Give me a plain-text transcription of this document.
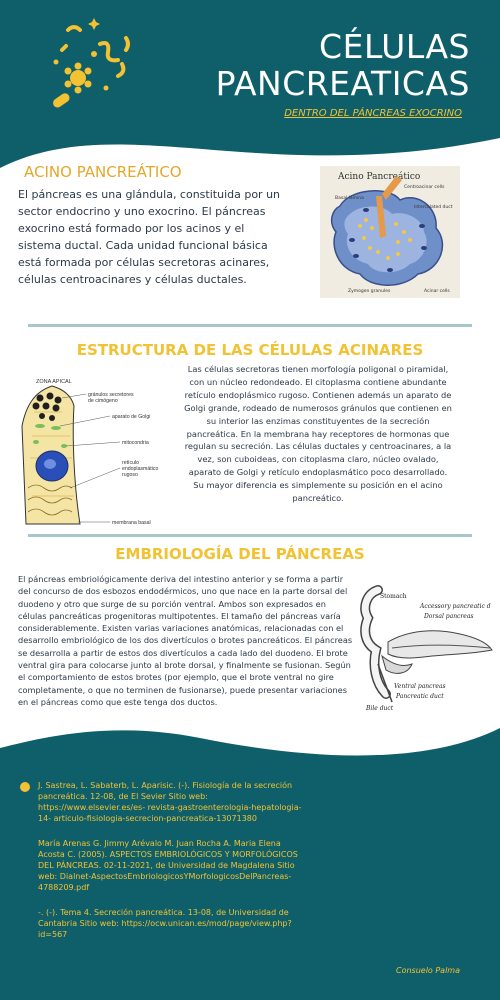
CÉLULAS
PANCREATICAS
DENTRO DEL PÁNCREAS EXOCRINO
ACINO PANCREÁTICO
El páncreas es una glándula, constituida por un sector endocrino y uno exocrino. El páncreas exocrino está formado por los acinos y el sistema ductal. Cada unidad funcional básica está formada por células secretoras acinares, células centroacinares y células ductales.
Acino Pancreático
Basal lamina
Centroacinar cells
Intercalated duct
Zymogen granules	Acinar cells
ESTRUCTURA DE LAS CÉLULAS ACINARES
ZONA APICAL
gránulos secretores de cimógeno
aparato de Golgi
mitocondria
retículo endoplasmático rugoso
membrana basal
Las células secretoras tienen morfología poligonal o piramidal, con un núcleo redondeado. El citoplasma contiene abundante retículo endoplásmico rugoso. Contienen además un aparato de Golgi grande, rodeado de numerosos gránulos que contienen en su interior las enzimas constituyentes de la secreción pancreática. En la membrana hay receptores de hormonas que regulan su secreción. Las células ductales y centroacinares, a la vez, son cuboideas, con citoplasma claro, núcleo ovalado, aparato de Golgi y retículo endoplasmático poco desarrollado. Su mayor diferencia es simplemente su posición en el acino pancreático.
EMBRIOLOGÍA DEL PÁNCREAS
El páncreas embriológicamente deriva del intestino anterior y se forma a partir del concurso de dos esbozos endodérmicos, uno que nace en la parte dorsal del duodeno y otro que surge de su porción ventral. Ambos son expresados en células pancreáticas progenitoras multipotentes. El tamaño del páncreas varía considerablemente. Existen varias variaciones anatómicas, relacionadas con el desarrollo embriológico de los dos divertículos o brotes pancreáticos. El páncreas se desarrolla a partir de estos dos divertículos a cada lado del duodeno. El brote ventral gira para colocarse junto al brote dorsal, y finalmente se fusionan. Según el comportamiento de estos brotes (por ejemplo, que el brote ventral no gire completamente, o que no terminen de fusionarse), puede presentar variaciones en el páncreas como que este tenga dos ductos.
Stomach
Accessory pancreatic d
Dorsal pancreas
Ventral pancreas
Pancreatic duct
Bile duct
J. Sastrea, L. Sabaterb, L. Aparisic. (-). Fisiología de la secreción pancreática. 12-08, de El Sevier Sitio web: https://www.elsevier.es/es- revista-gastroenterologia-hepatologia-14- articulo-fisiologia-secrecion-pancreatica-13071380
María Arenas G. Jimmy Arévalo M. Juan Rocha A. Maria Elena Acosta C. (2005). ASPECTOS EMBRIOLÓGICOS Y MORFOLÓGICOS DEL PÁNCREAS. 02-11-2021, de Universidad de Magdalena Sitio web: Dialnet-AspectosEmbriologicosYMorfologicosDelPancreas-4788209.pdf
-. (-). Tema 4. Secreción pancreática. 13-08, de Universidad de Cantabria Sitio web: https://ocw.unican.es/mod/page/view.php?id=567
Consuelo Palma
